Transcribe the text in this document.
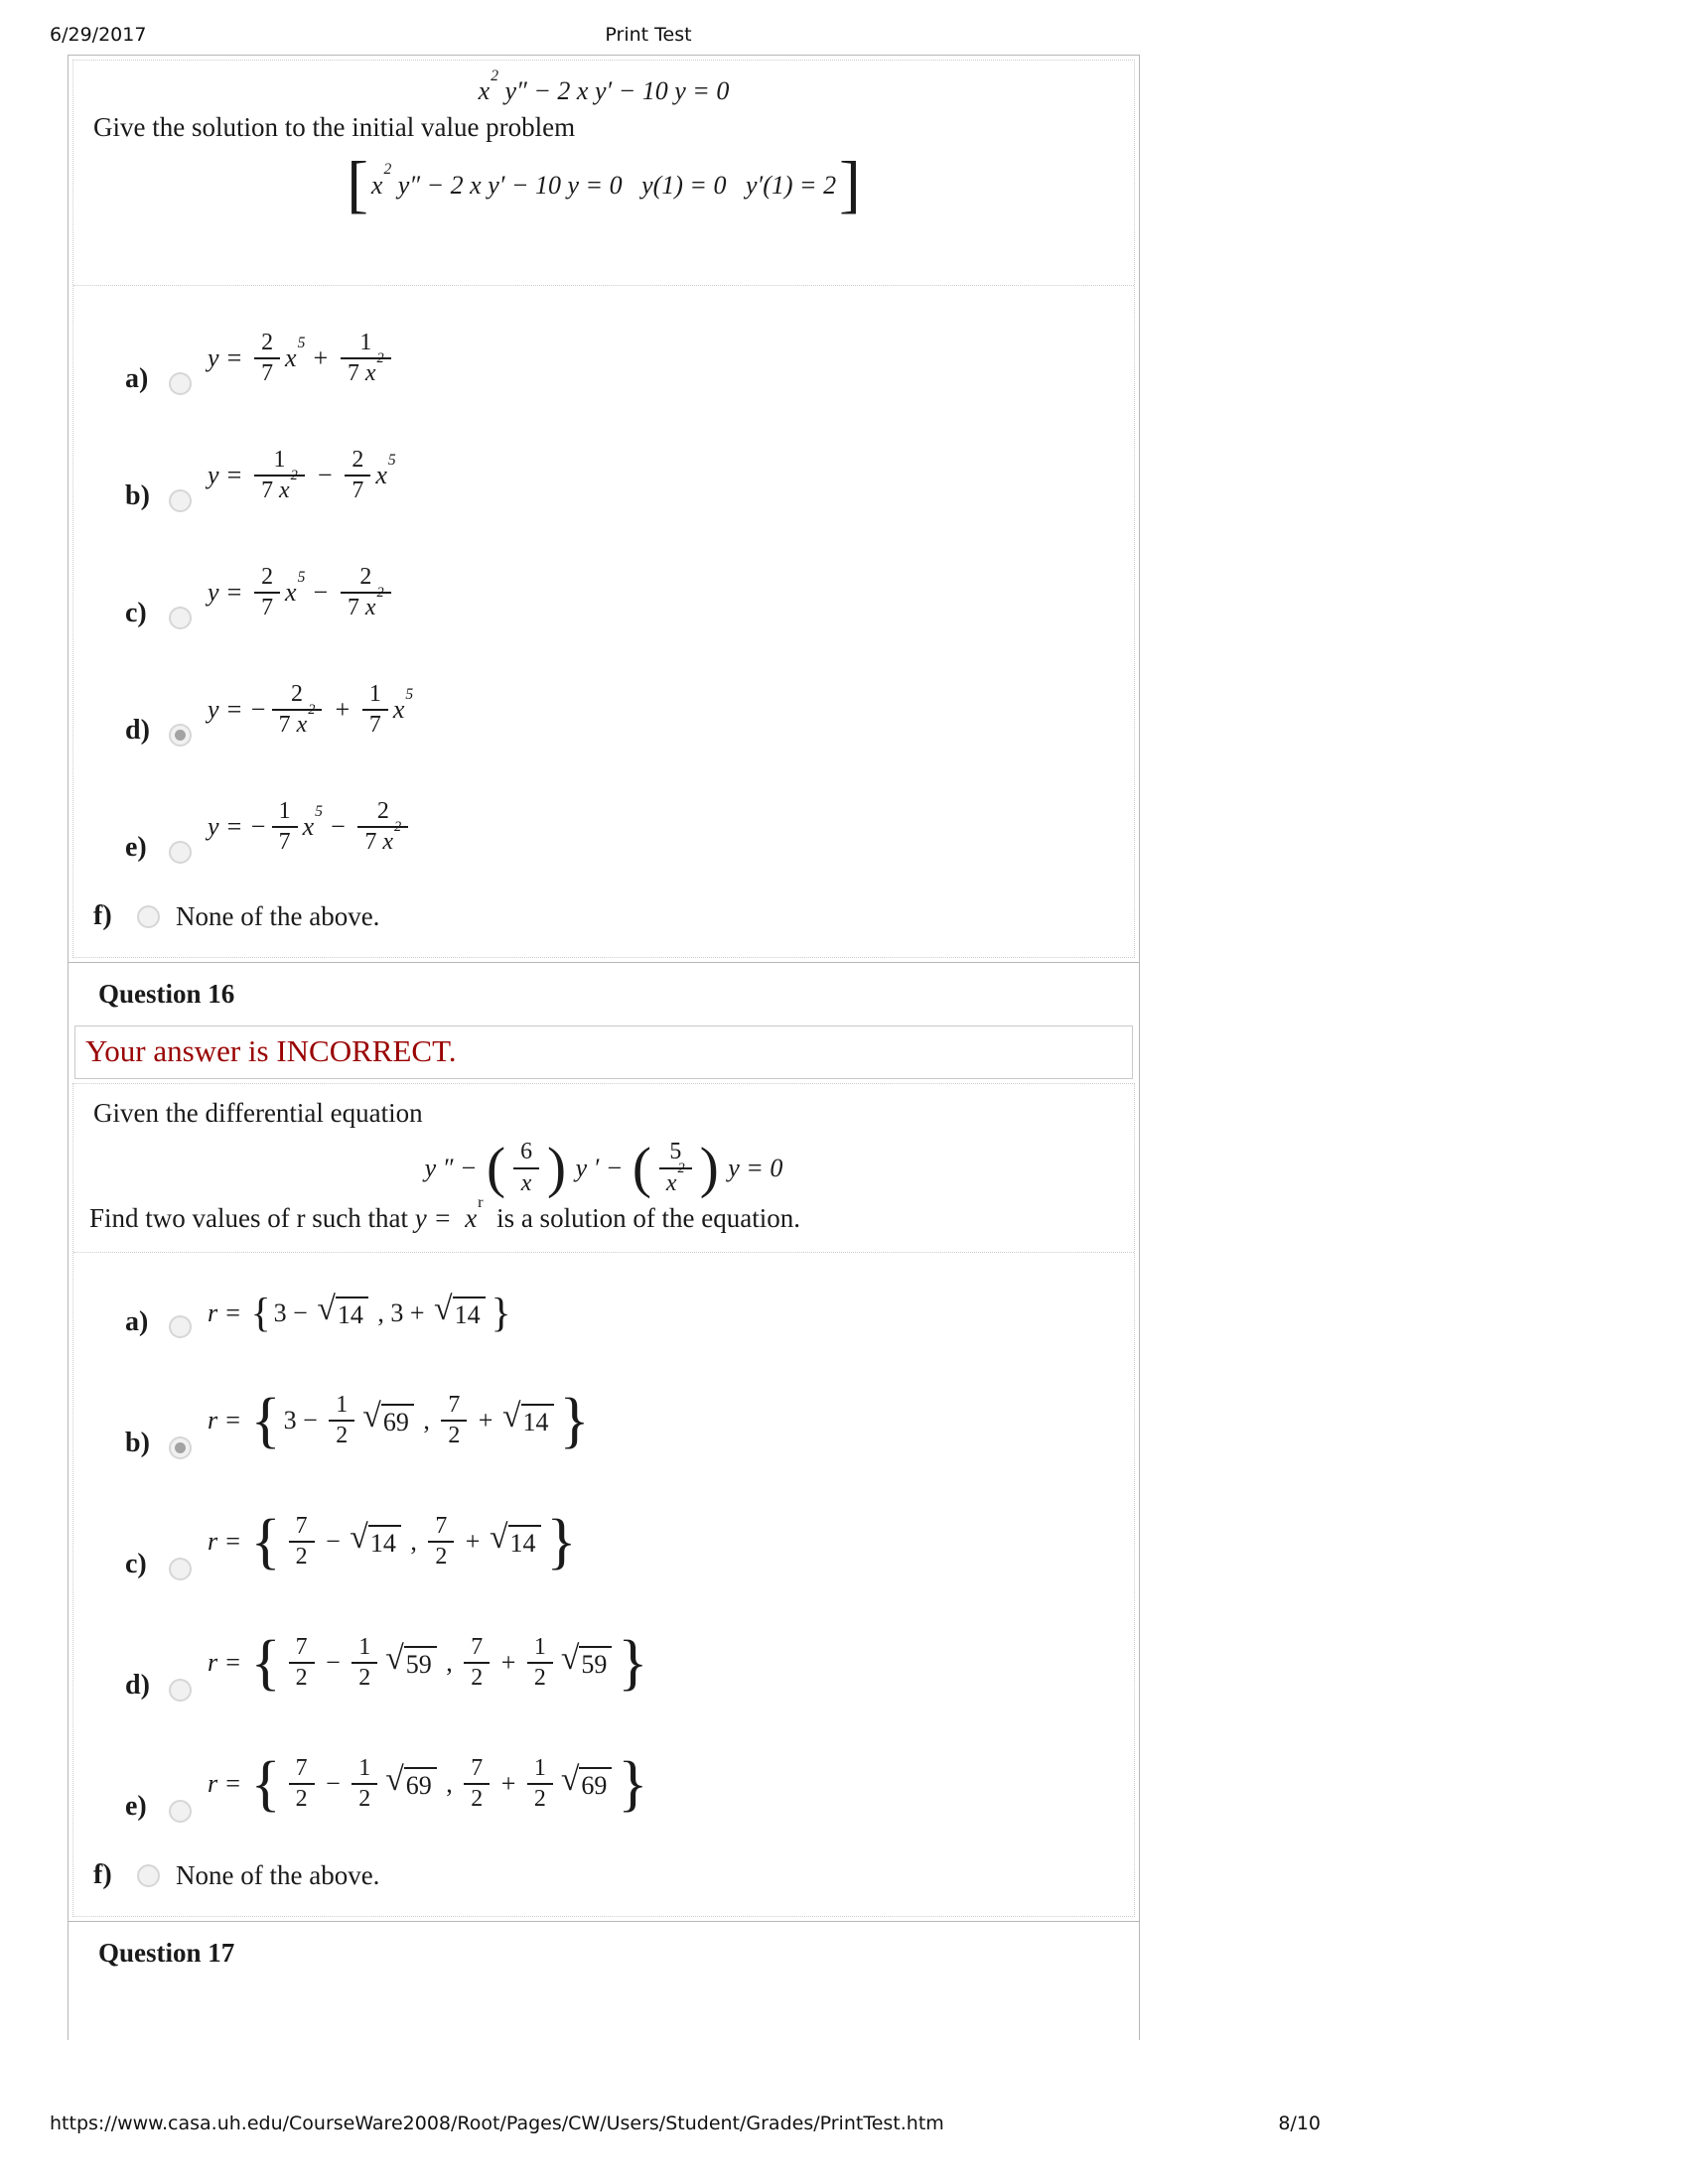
6/29/2017	Print Test
$x^2$
y″ − 2 x y′ − 10 y = 0

Give the solution to the initial value problem

[ $x^2$
y″ − 2 x y′ − 10 y = 0   y(1) = 0   y′(1) = 2 ]
a)
$y = \frac{2}{7} x^5$
+ $\frac{1}{7 x^2}$
b)
$y = \frac{1}{7 x^2} - \frac{2}{7} x^5$
c)
$y = \frac{2}{7} x^5$
− $\frac{2}{7 x^2}$
d)
y = − $\frac{2}{7 x^2} + \frac{1}{7} x^5$
e)
y = − $\frac{1}{7} x^5$
− $\frac{2}{7 x^2}$
f)	None of the above.
Question 16
Your answer is INCORRECT.

Given the differential equation

y ″ − ( 6
x ) y ′ − ( 5
$x^2$ ) y = 0
Find two values of r such that $y = x^r$
is a solution of the equation.
a)	r = { 3 − √ 14 , 3 + √ 14 }
b)
r = { $3 - \frac{1}{2}$ √ 69 ,
7
2
+ √ 14 }
c)
r = { 7
2
− √ 14 ,
7
2
+ √ 14 }
d)
r = { 7
2
− $\frac{1}{2}$ √ 59 ,
7
2
+ $\frac{1}{2}$ √ 59 }
e)
r = { 7
2
− $\frac{1}{2}$ √ 69 ,
7
2
+ $\frac{1}{2}$ √ 69 }
f)	None of the above.
Question 17
https://www.casa.uh.edu/CourseWare2008/Root/Pages/CW/Users/Student/Grades/PrintTest.htm	8/10
